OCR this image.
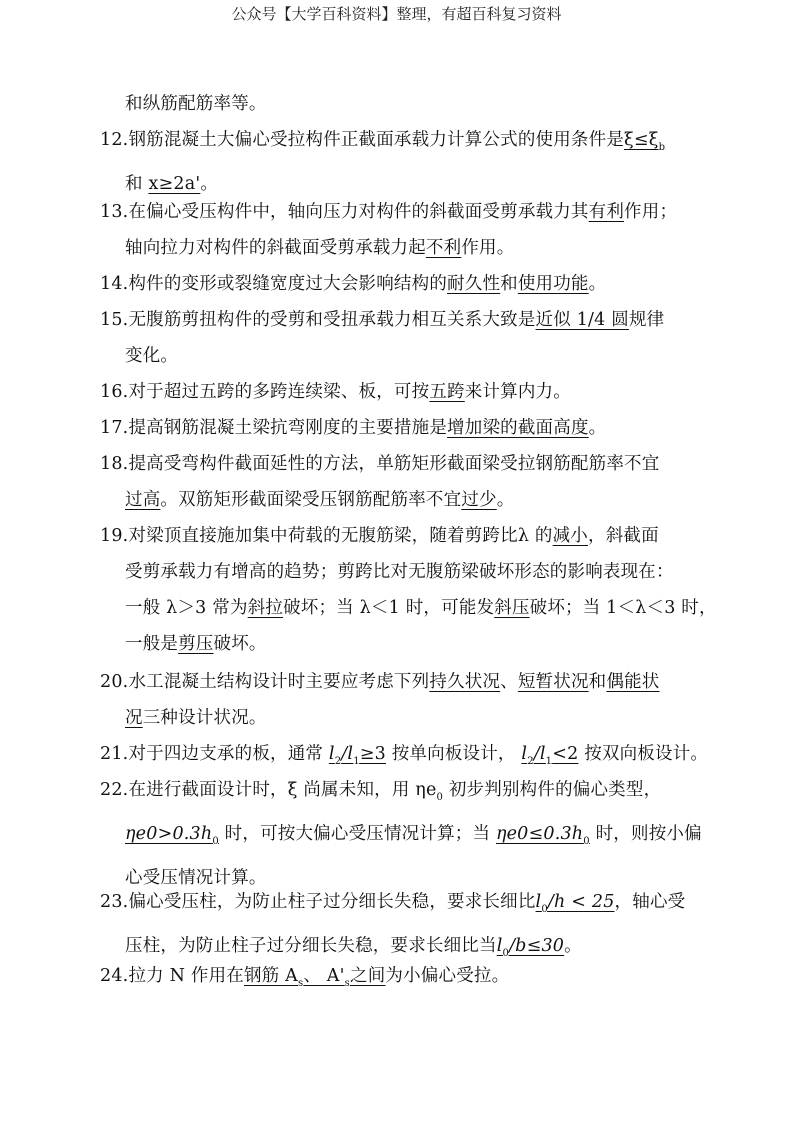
公众号【大学百科资料】整理，有超百科复习资料
和纵筋配筋率等。
12.钢筋混凝土大偏心受拉构件正截面承载力计算公式的使用条件是$\xi\le\xi_b$
和 x≥2a'。
13.在偏心受压构件中，轴向压力对构件的斜截面受剪承载力其有利作用；
轴向拉力对构件的斜截面受剪承载力起不利作用。
14.构件的变形或裂缝宽度过大会影响结构的耐久性和使用功能。
15.无腹筋剪扭构件的受剪和受扭承载力相互关系大致是近似 1/4 圆规律
变化。
16.对于超过五跨的多跨连续梁、板，可按五跨来计算内力。
17.提高钢筋混凝土梁抗弯刚度的主要措施是增加梁的截面高度。
18.提高受弯构件截面延性的方法，单筋矩形截面梁受拉钢筋配筋率不宜
过高。双筋矩形截面梁受压钢筋配筋率不宜过少。
19.对梁顶直接施加集中荷载的无腹筋梁，随着剪跨比λ 的减小，斜截面
受剪承载力有增高的趋势；剪跨比对无腹筋梁破坏形态的影响表现在：
一般 λ＞3 常为斜拉破坏；当 λ＜1 时，可能发斜压破坏；当 1＜λ＜3 时，
一般是剪压破坏。
20.水工混凝土结构设计时主要应考虑下列持久状况、短暂状况和偶能状
况三种设计状况。
21.对于四边支承的板，通常 $l_2/l_1\ge 3$ 按单向板设计， $l_2/l_1<2$ 按双向板设计。
22.在进行截面设计时，ξ 尚属未知，用 $\eta e_0$ 初步判别构件的偏心类型，
$\eta e0>0.3h_0$ 时，可按大偏心受压情况计算；当 $\eta e0\le 0.3h_0$ 时，则按小偏
心受压情况计算。
23.偏心受压柱，为防止柱子过分细长失稳，要求长细比$l_0/h < 25$，轴心受
压柱，为防止柱子过分细长失稳，要求长细比当$l_0/b\le 30$。
24.拉力 N 作用在钢筋 $A_s$、 $A'_s$之间为小偏心受拉。
